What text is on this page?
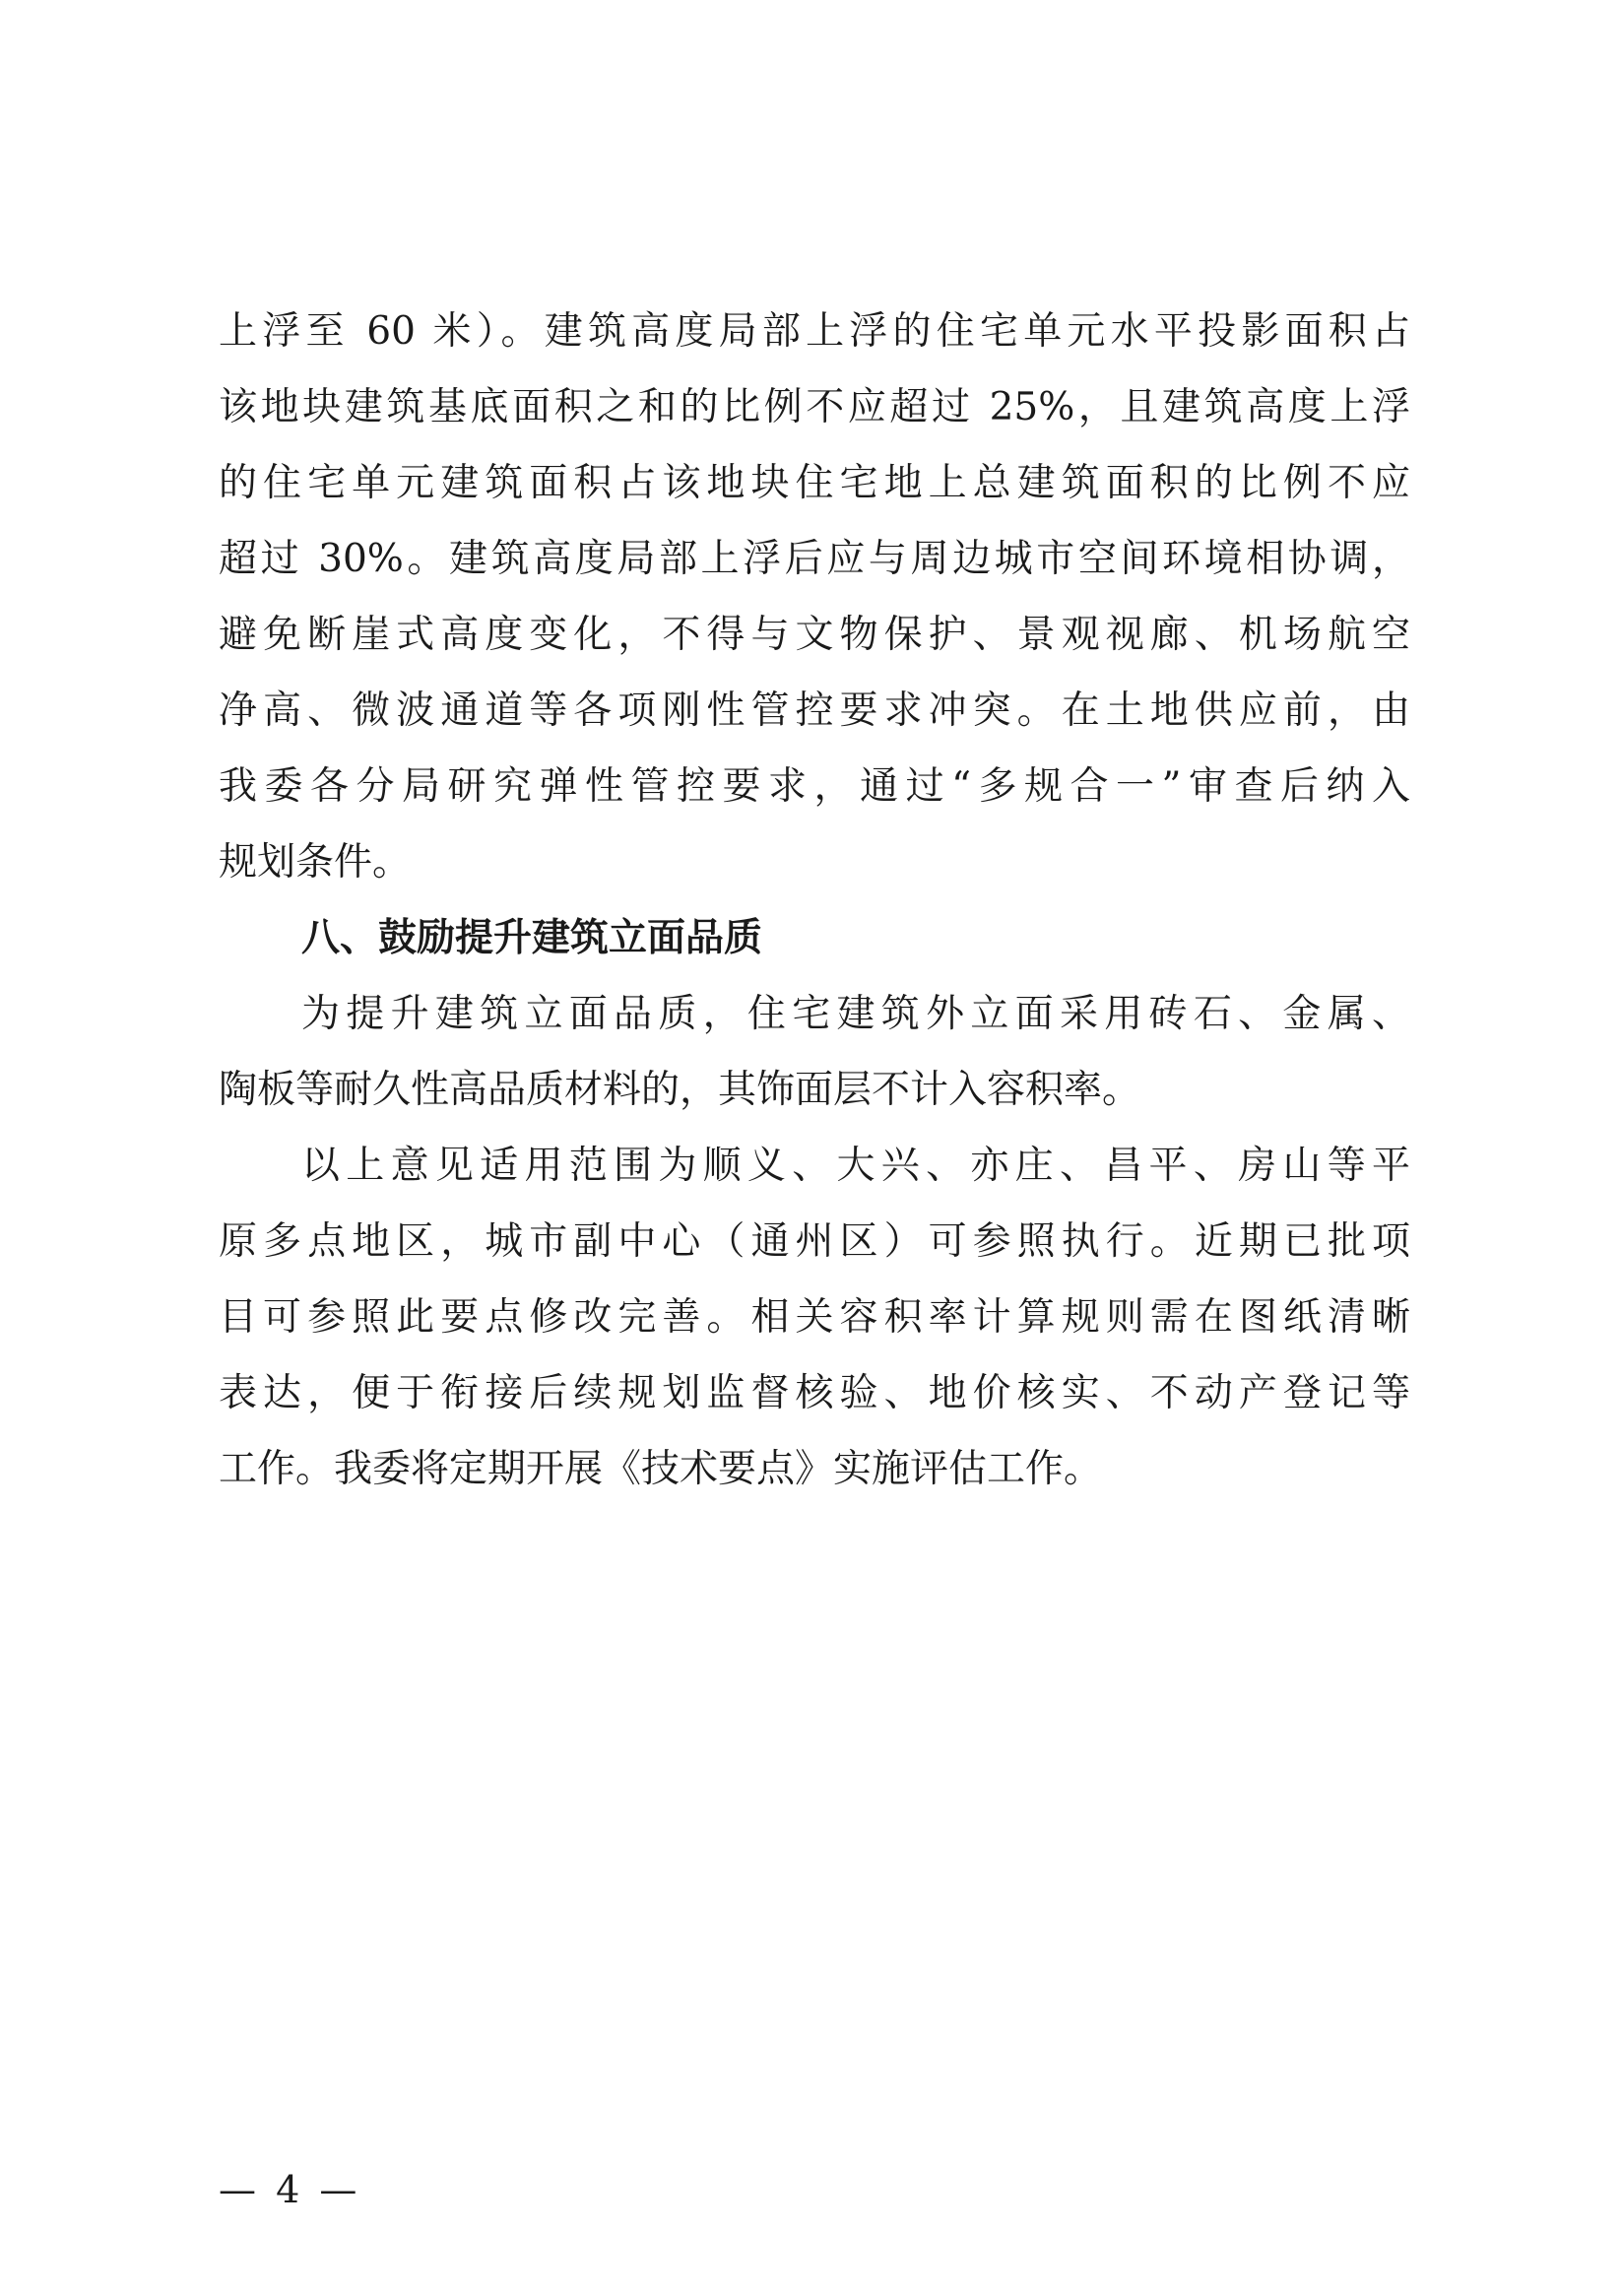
上浮至 60 米）。建筑高度局部上浮的住宅单元水平投影面积占
该地块建筑基底面积之和的比例不应超过 25%，且建筑高度上浮
的住宅单元建筑面积占该地块住宅地上总建筑面积的比例不应
超过 30%。建筑高度局部上浮后应与周边城市空间环境相协调，
避免断崖式高度变化，不得与文物保护、景观视廊、机场航空
净高、微波通道等各项刚性管控要求冲突。在土地供应前，由
我委各分局研究弹性管控要求，通过“多规合一”审查后纳入
规划条件。
八、鼓励提升建筑立面品质
为提升建筑立面品质，住宅建筑外立面采用砖石、金属、
陶板等耐久性高品质材料的，其饰面层不计入容积率。
以上意见适用范围为顺义、大兴、亦庄、昌平、房山等平
原多点地区，城市副中心（通州区）可参照执行。近期已批项
目可参照此要点修改完善。相关容积率计算规则需在图纸清晰
表达，便于衔接后续规划监督核验、地价核实、不动产登记等
工作。我委将定期开展《技术要点》实施评估工作。
— 4 —
